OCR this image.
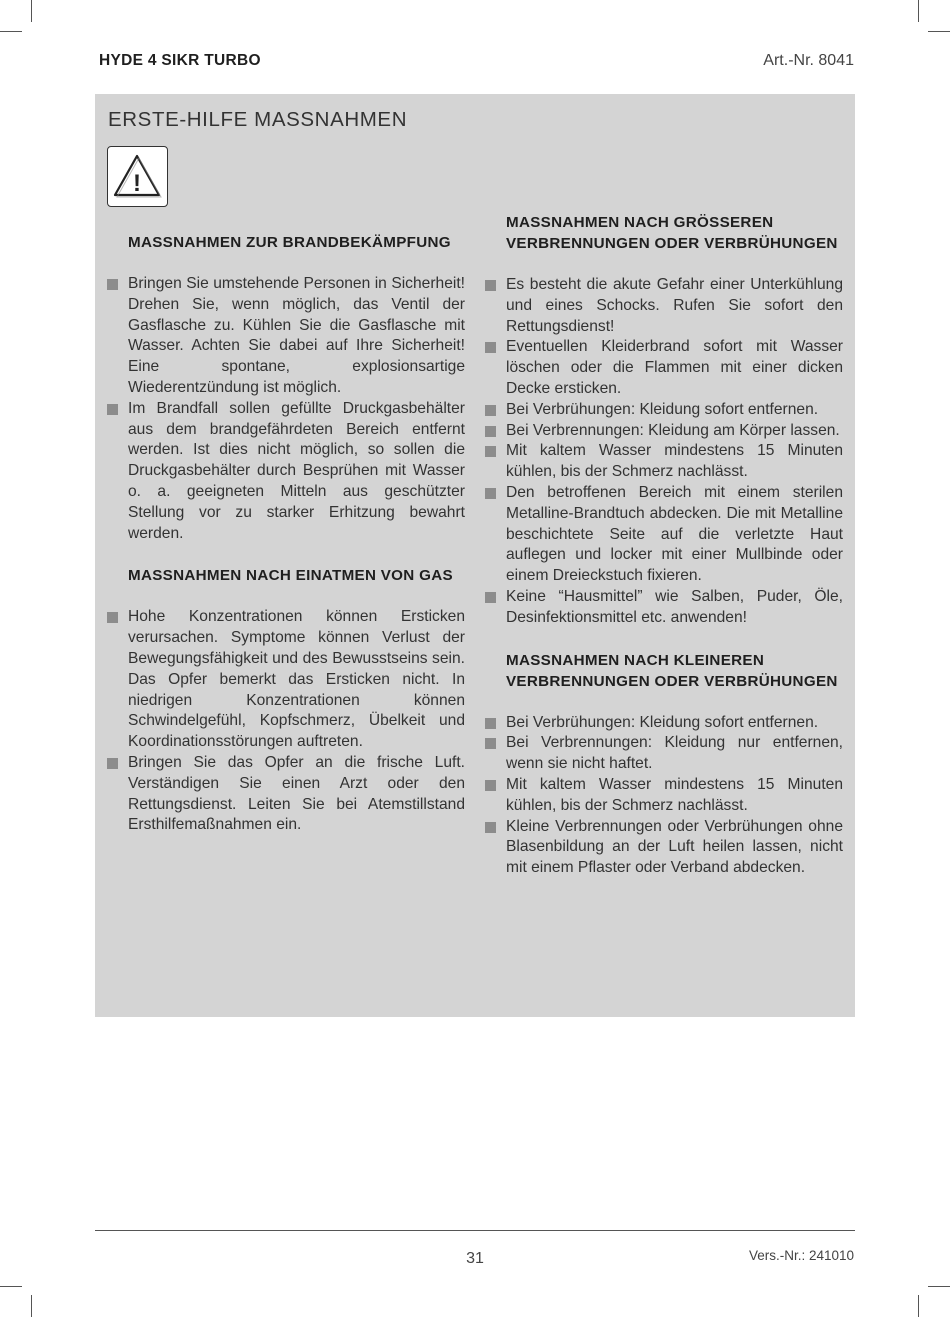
HYDE 4 SIKR TURBO	Art.-Nr. 8041
ERSTE-HILFE MASSNAHMEN
!
MASSNAHMEN ZUR BRANDBEKÄMPFUNG
Bringen Sie umstehende Personen in Sicherheit! Drehen Sie, wenn möglich, das Ventil der Gasflasche zu. Kühlen Sie die Gasflasche mit Wasser. Achten Sie dabei auf Ihre Sicherheit! Eine spontane, explosionsartige Wiederentzündung ist möglich.
Im Brandfall sollen gefüllte Druckgasbehälter aus dem brandgefährdeten Bereich entfernt werden. Ist dies nicht möglich, so sollen die Druckgasbehälter durch Besprühen mit Wasser o. a. geeigneten Mitteln aus geschützter Stellung vor zu starker Erhitzung bewahrt werden.
MASSNAHMEN NACH EINATMEN VON GAS
Hohe Konzentrationen können Ersticken verursachen. Symptome können Verlust der Bewegungsfähigkeit und des Bewusstseins sein. Das Opfer bemerkt das Ersticken nicht. In niedrigen Konzentrationen können Schwindelgefühl, Kopfschmerz, Übelkeit und Koordinationsstörungen auftreten.
Bringen Sie das Opfer an die frische Luft. Verständigen Sie einen Arzt oder den Rettungsdienst. Leiten Sie bei Atemstillstand Ersthilfemaßnahmen ein.
MASSNAHMEN NACH GRÖSSEREN VERBRENNUNGEN ODER VERBRÜHUNGEN
Es besteht die akute Gefahr einer Unterkühlung und eines Schocks. Rufen Sie sofort den Rettungsdienst!
Eventuellen Kleiderbrand sofort mit Wasser löschen oder die Flammen mit einer dicken Decke ersticken.
Bei Verbrühungen: Kleidung sofort entfernen.
Bei Verbrennungen: Kleidung am Körper lassen.
Mit kaltem Wasser mindestens 15 Minuten kühlen, bis der Schmerz nachlässt.
Den betroffenen Bereich mit einem sterilen Metalline-Brandtuch abdecken. Die mit Metalline beschichtete Seite auf die verletzte Haut auflegen und locker mit einer Mullbinde oder einem Dreieckstuch fixieren.
Keine “Hausmittel” wie Salben, Puder, Öle, Desinfektionsmittel etc. anwenden!
MASSNAHMEN NACH KLEINEREN VERBRENNUNGEN ODER VERBRÜHUNGEN
Bei Verbrühungen: Kleidung sofort entfernen.
Bei Verbrennungen: Kleidung nur entfernen, wenn sie nicht haftet.
Mit kaltem Wasser mindestens 15 Minuten kühlen, bis der Schmerz nachlässt.
Kleine Verbrennungen oder Verbrühungen ohne Blasenbildung an der Luft heilen lassen, nicht mit einem Pflaster oder Verband abdecken.
31	Vers.-Nr.: 241010
